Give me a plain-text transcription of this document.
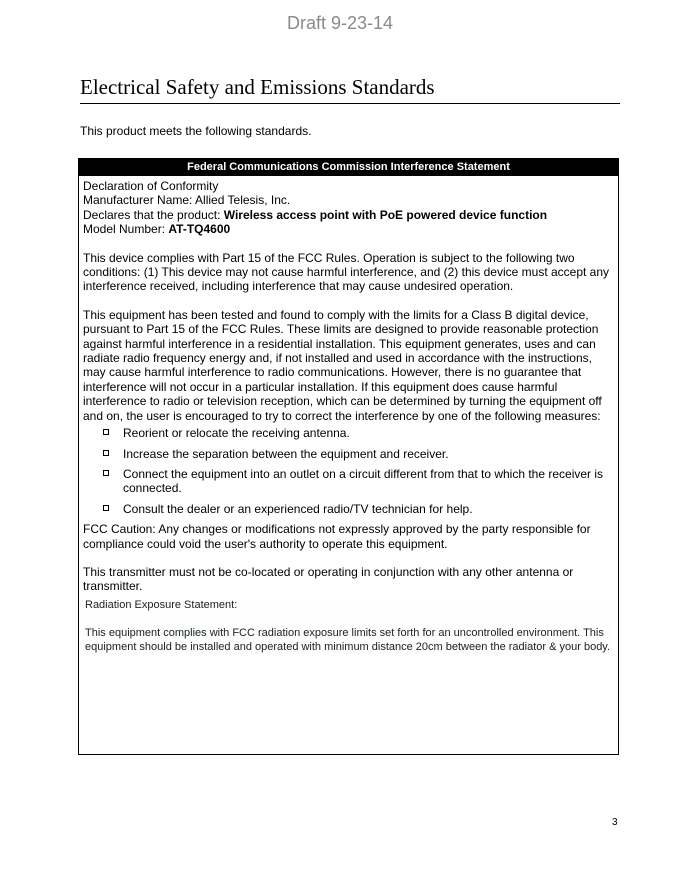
Draft 9-23-14
Electrical Safety and Emissions Standards
This product meets the following standards.
Federal Communications Commission Interference Statement

Declaration of Conformity

Manufacturer Name: Allied Telesis, Inc.

Declares that the product: Wireless access point with PoE powered device function

Model Number: AT-TQ4600

This device complies with Part 15 of the FCC Rules. Operation is subject to the following two conditions: (1) This device may not cause harmful interference, and (2) this device must accept any interference received, including interference that may cause undesired operation.

This equipment has been tested and found to comply with the limits for a Class B digital device, pursuant to Part 15 of the FCC Rules. These limits are designed to provide reasonable protection against harmful interference in a residential installation. This equipment generates, uses and can radiate radio frequency energy and, if not installed and used in accordance with the instructions, may cause harmful interference to radio communications. However, there is no guarantee that interference will not occur in a particular installation. If this equipment does cause harmful interference to radio or television reception, which can be determined by turning the equipment off and on, the user is encouraged to try to correct the interference by one of the following measures:

Reorient or relocate the receiving antenna.
Increase the separation between the equipment and receiver.
Connect the equipment into an outlet on a circuit different from that to which the receiver is connected.
Consult the dealer or an experienced radio/TV technician for help.

FCC Caution: Any changes or modifications not expressly approved by the party responsible for compliance could void the user's authority to operate this equipment.

This transmitter must not be co-located or operating in conjunction with any other antenna or transmitter.

Radiation Exposure Statement:
This equipment complies with FCC radiation exposure limits set forth for an uncontrolled environment. This equipment should be installed and operated with minimum distance 20cm between the radiator & your body.
3
